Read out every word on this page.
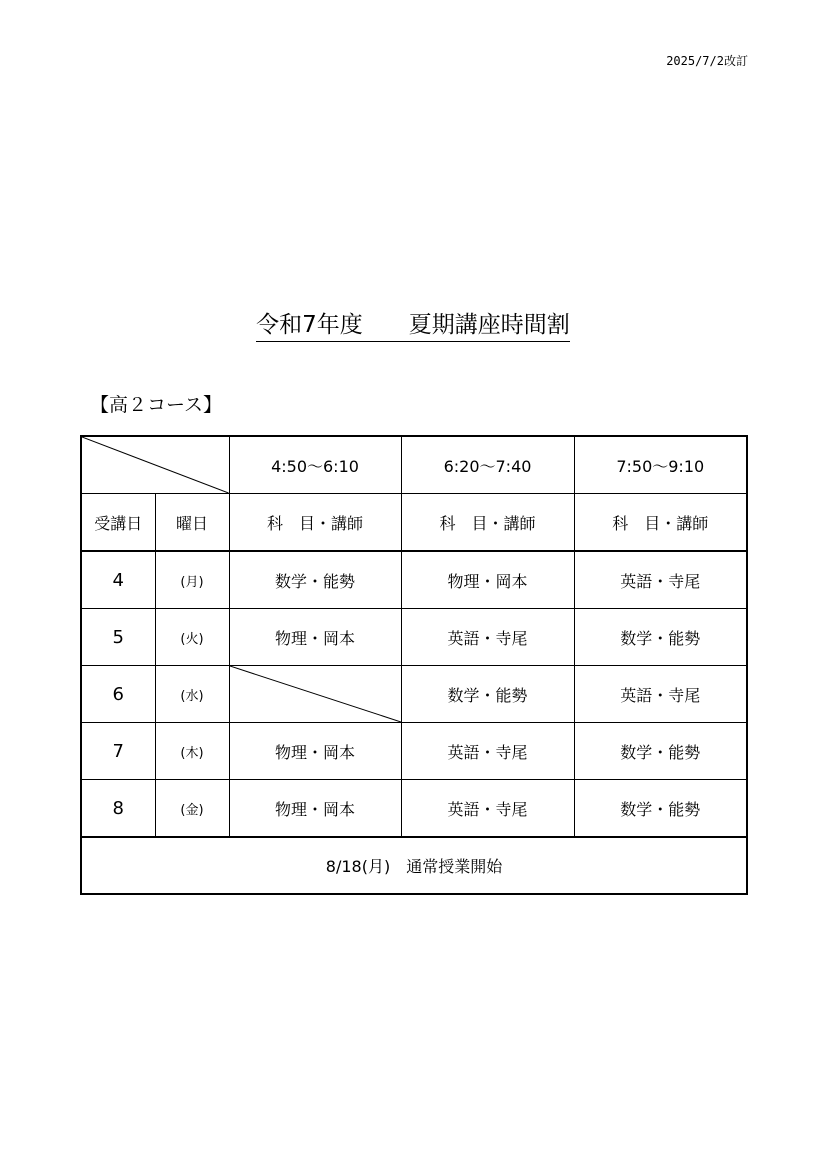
2025/7/2改訂
令和7年度　　夏期講座時間割
【高２コース】
	4:50〜6:10	6:20〜7:40	7:50〜9:10
受講日	曜日	科　目・講師	科　目・講師	科　目・講師
4	(月)	数学・能勢	物理・岡本	英語・寺尾
5	(火)	物理・岡本	英語・寺尾	数学・能勢
6	(水)		数学・能勢	英語・寺尾
7	(木)	物理・岡本	英語・寺尾	数学・能勢
8	(金)	物理・岡本	英語・寺尾	数学・能勢
8/18(月)　通常授業開始				
